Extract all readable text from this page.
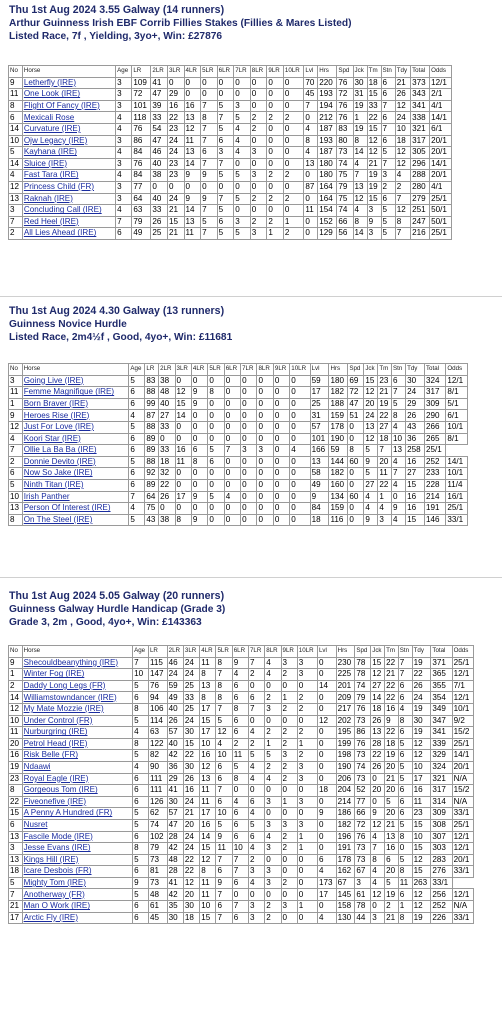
Thu 1st Aug 2024 3.55 Galway (14 runners)
Arthur Guinness Irish EBF Corrib Fillies Stakes (Fillies & Mares Listed)
Listed Race, 7f , Yielding, 3yo+, Win: £27876
No	Horse	Age	LR	2LR	3LR	4LR	5LR	6LR	7LR	8LR	9LR	10LR	Lvl	Hrs	Spd	Jck	Tm	Stn	Tdy	Total	Odds
9	Letherfly (IRE)	3	109	41	0	0	0	0	0	0	0	0	70	220	76	30	18	6	21	373	12/1
11	One Look (IRE)	3	72	47	29	0	0	0	0	0	0	0	45	193	72	31	15	6	26	343	2/1
8	Flight Of Fancy (IRE)	3	101	39	16	16	7	5	3	0	0	0	7	194	76	19	33	7	12	341	4/1
6	Mexicali Rose	4	118	33	22	13	8	7	5	2	2	2	0	212	76	1	22	6	24	338	14/1
14	Curvature (IRE)	4	76	54	23	12	7	5	4	2	0	0	4	187	83	19	15	7	10	321	6/1
10	Ojw Legacy (IRE)	3	86	47	24	11	7	6	4	0	0	0	8	193	80	8	12	6	18	317	20/1
5	Kayhana (IRE)	4	84	46	24	13	6	3	4	3	0	0	4	187	73	14	12	5	12	305	20/1
14	Sluice (IRE)	3	76	40	23	14	7	7	0	0	0	0	13	180	74	4	21	7	12	296	14/1
4	Fast Tara (IRE)	4	84	38	23	9	9	5	5	3	2	2	0	180	75	7	19	3	4	288	20/1
12	Princess Child (FR)	3	77	0	0	0	0	0	0	0	0	0	87	164	79	13	19	2	2	280	4/1
13	Raknah (IRE)	3	64	40	24	9	9	7	5	2	2	2	0	164	75	12	15	6	7	279	25/1
3	Concluding Call (IRE)	4	63	33	21	14	7	5	0	0	0	0	11	154	74	4	3	5	12	251	50/1
7	Red Heel (IRE)	7	79	26	15	13	5	6	3	2	2	1	0	152	66	8	9	5	8	247	50/1
2	All Lies Ahead (IRE)	6	49	25	21	11	7	5	5	3	1	2	0	129	56	14	3	5	7	216	25/1
Thu 1st Aug 2024 4.30 Galway (13 runners)
Guinness Novice Hurdle
Listed Race, 2m4½f , Good, 4yo+, Win: £11681
No	Horse	Age	LR	2LR	3LR	4LR	5LR	6LR	7LR	8LR	9LR	10LR	Lvl	Hrs	Spd	Jck	Tm	Stn	Tdy	Total	Odds
3	Going Live (IRE)	5	83	38	0	0	0	0	0	0	0	0	59	180	69	15	23	6	30	324	12/1
11	Femme Magnifique (IRE)	6	88	48	12	9	8	0	0	0	0	0	17	182	72	12	21	7	24	317	8/1
1	Born Braver (IRE)	6	99	40	15	9	0	0	0	0	0	0	25	188	47	20	19	5	29	309	5/1
9	Heroes Rise (IRE)	4	87	27	14	0	0	0	0	0	0	0	31	159	51	24	22	8	26	290	6/1
12	Just For Love (IRE)	5	88	33	0	0	0	0	0	0	0	0	57	178	0	13	27	4	43	266	10/1
4	Koori Star (IRE)	6	89	0	0	0	0	0	0	0	0	0	101	190	0	12	18	10	36	265	8/1
7	Ollie La Ba Ba (IRE)	6	89	33	16	6	5	7	3	3	0	4	166	59	8	5	7	13	258	25/1	
2	Donnie Devito (IRE)	5	88	18	11	8	6	0	0	0	0	0	13	144	60	9	20	4	16	252	14/1
6	Now So Jake (IRE)	6	92	32	0	0	0	0	0	0	0	0	58	182	0	5	11	7	27	233	10/1
5	Ninth Titan (IRE)	6	89	22	0	0	0	0	0	0	0	0	49	160	0	27	22	4	15	228	11/4
10	Irish Panther	7	64	26	17	9	5	4	0	0	0	0	9	134	60	4	1	0	16	214	16/1
13	Person Of Interest (IRE)	4	75	0	0	0	0	0	0	0	0	0	84	159	0	4	4	9	16	191	25/1
8	On The Steel (IRE)	5	43	38	8	9	0	0	0	0	0	0	18	116	0	9	3	4	15	146	33/1
Thu 1st Aug 2024 5.05 Galway (20 runners)
Guinness Galway Hurdle Handicap (Grade 3)
Grade 3, 2m , Good, 4yo+, Win: £143363
No	Horse	Age	LR	2LR	3LR	4LR	5LR	6LR	7LR	8LR	9LR	10LR	Lvl	Hrs	Spd	Jck	Tm	Stn	Tdy	Total	Odds
9	Shecouldbeanything (IRE)	7	115	46	24	11	8	9	7	4	3	3	0	230	78	15	22	7	19	371	25/1
1	Winter Fog (IRE)	10	147	24	24	8	7	4	2	4	2	3	0	225	78	12	21	7	22	365	12/1
2	Daddy Long Legs (FR)	5	76	59	25	13	8	6	0	0	0	0	14	201	74	27	22	6	26	355	7/1
14	Williamstowndancer (IRE)	6	94	49	33	8	8	6	6	2	1	2	0	209	79	14	22	6	24	354	12/1
12	My Mate Mozzie (IRE)	8	106	40	25	17	7	8	7	3	2	2	0	217	76	18	16	4	19	349	10/1
10	Under Control (FR)	5	114	26	24	15	5	6	0	0	0	0	12	202	73	26	9	8	30	347	9/2
11	Nurburgring (IRE)	4	63	57	30	17	12	6	4	2	2	2	0	195	86	13	22	6	19	341	15/2
20	Petrol Head (IRE)	8	122	40	15	10	4	2	2	1	2	1	0	199	76	28	18	5	12	339	25/1
16	Risk Belle (FR)	5	82	42	22	16	10	11	5	5	3	2	0	198	73	22	19	6	12	329	14/1
19	Ndaawi	4	90	36	30	12	6	5	4	2	2	3	0	190	74	26	20	5	10	324	20/1
23	Royal Eagle (IRE)	6	111	29	26	13	6	8	4	4	2	3	0	206	73	0	21	5	17	321	N/A
8	Gorgeous Tom (IRE)	6	111	41	16	11	7	0	0	0	0	0	18	204	52	20	20	6	16	317	15/2
22	Fiveonefive (IRE)	6	126	30	24	11	6	4	6	3	1	3	0	214	77	0	5	6	11	314	N/A
15	A Penny A Hundred (FR)	5	62	57	21	17	10	6	4	0	0	0	9	186	66	9	20	6	23	309	33/1
6	Nusret	5	74	47	20	16	5	6	5	3	3	3	0	182	72	12	21	5	15	308	25/1
13	Fascile Mode (IRE)	6	102	28	24	14	9	6	6	4	2	1	0	196	76	4	13	8	10	307	12/1
3	Jesse Evans (IRE)	8	79	42	24	15	11	10	4	3	2	1	0	191	73	7	16	0	15	303	12/1
13	Kings Hill (IRE)	5	73	48	22	12	7	7	2	0	0	0	6	178	73	8	6	5	12	283	20/1
18	Icare Desbois (FR)	6	81	28	22	8	6	7	3	3	0	0	4	162	67	4	20	8	15	276	33/1
5	Mighty Tom (IRE)	9	73	41	12	11	9	6	4	3	2	0	173	67	3	4	5	11	263	33/1	
7	Anotherway (FR)	5	48	42	20	11	7	0	0	0	0	0	17	145	61	12	19	6	12	256	12/1
21	Man O Work (IRE)	6	61	35	30	10	6	7	3	2	3	1	0	158	78	0	2	1	12	252	N/A
17	Arctic Fly (IRE)	6	45	30	18	15	7	6	3	2	0	0	4	130	44	3	21	8	19	226	33/1
